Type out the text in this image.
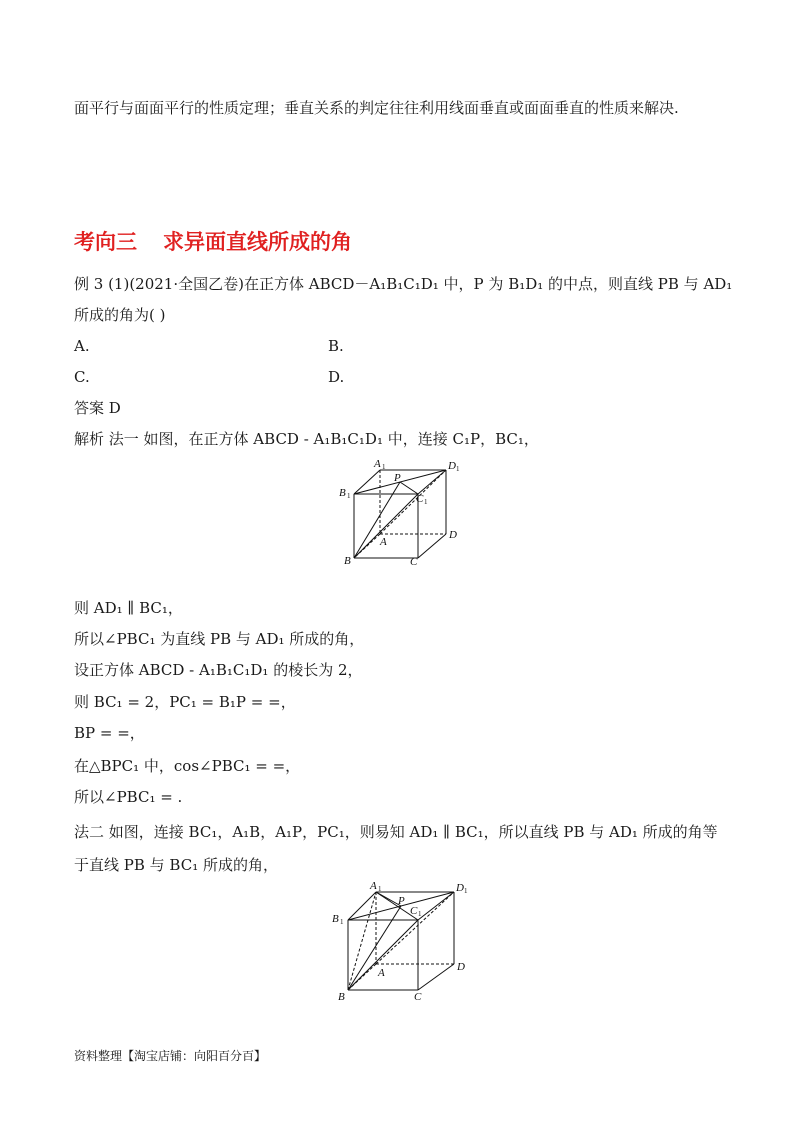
面平行与面面平行的性质定理；垂直关系的判定往往利用线面垂直或面面垂直的性质来解决.
考向三 求异面直线所成的角
例 3 (1)(2021·全国乙卷)在正方体 ABCD－A₁B₁C₁D₁ 中，P 为 B₁D₁ 的中点，则直线 PB 与 AD₁
所成的角为( )
A.	B.
C.	D.
答案 D
解析 法一 如图，在正方体 ABCD - A₁B₁C₁D₁ 中，连接 C₁P，BC₁，
A 1	D 1
B 1	C 1
P
A
D
B	C
则 AD₁ ∥ BC₁，
所以∠PBC₁ 为直线 PB 与 AD₁ 所成的角，
设正方体 ABCD - A₁B₁C₁D₁ 的棱长为 2，
则 BC₁ = 2，PC₁ = B₁P = =，
BP = =，
在△BPC₁ 中，cos∠PBC₁ = =，
所以∠PBC₁ = .
法二 如图，连接 BC₁，A₁B，A₁P，PC₁，则易知 AD₁ ∥ BC₁，所以直线 PB 与 AD₁ 所成的角等
于直线 PB 与 BC₁ 所成的角，
A 1	D 1
B 1
C 1
P
A	D
B	C
资料整理【淘宝店铺：向阳百分百】
